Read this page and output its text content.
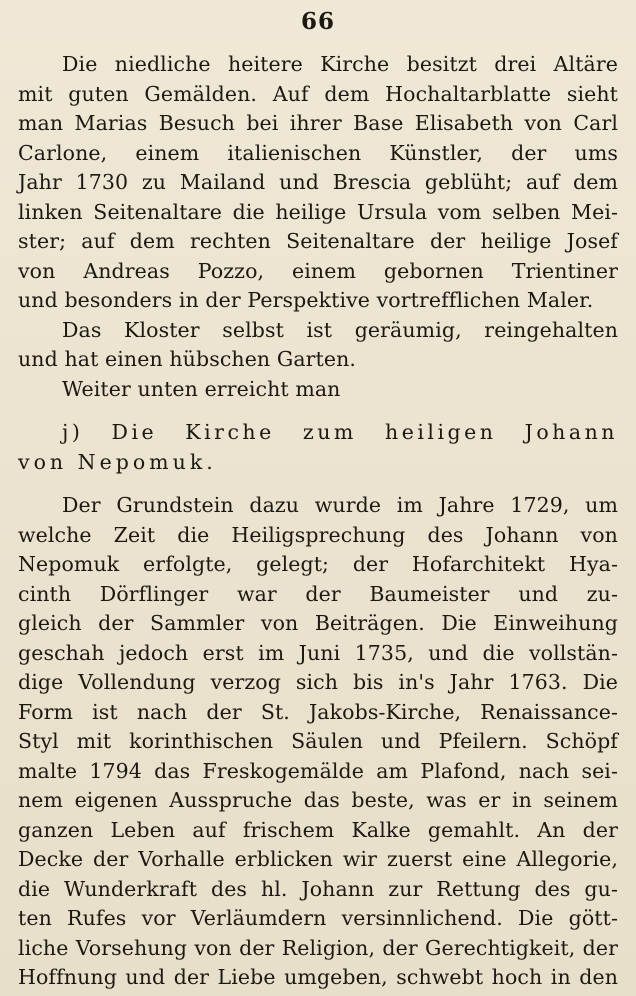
66
Die niedliche heitere Kirche besitzt drei Altäre
mit guten Gemälden. Auf dem Hochaltarblatte sieht
man Marias Besuch bei ihrer Base Elisabeth von Carl
Carlone, einem italienischen Künstler, der ums
Jahr 1730 zu Mailand und Brescia geblüht; auf dem
linken Seitenaltare die heilige Ursula vom selben Mei-
ster; auf dem rechten Seitenaltare der heilige Josef
von Andreas Pozzo, einem gebornen Trientiner
und besonders in der Perspektive vortrefflichen Maler.
Das Kloster selbst ist geräumig, reingehalten
und hat einen hübschen Garten.
Weiter unten erreicht man
j) Die Kirche zum heiligen Johann
von Nepomuk.
Der Grundstein dazu wurde im Jahre 1729, um
welche Zeit die Heiligsprechung des Johann von
Nepomuk erfolgte, gelegt; der Hofarchitekt Hya-
cinth Dörflinger war der Baumeister und zu-
gleich der Sammler von Beiträgen. Die Einweihung
geschah jedoch erst im Juni 1735, und die vollstän-
dige Vollendung verzog sich bis in's Jahr 1763. Die
Form ist nach der St. Jakobs-Kirche, Renaissance-
Styl mit korinthischen Säulen und Pfeilern. Schöpf
malte 1794 das Freskogemälde am Plafond, nach sei-
nem eigenen Ausspruche das beste, was er in seinem
ganzen Leben auf frischem Kalke gemahlt. An der
Decke der Vorhalle erblicken wir zuerst eine Allegorie,
die Wunderkraft des hl. Johann zur Rettung des gu-
ten Rufes vor Verläumdern versinnlichend. Die gött-
liche Vorsehung von der Religion, der Gerechtigkeit, der
Hoffnung und der Liebe umgeben, schwebt hoch in den
